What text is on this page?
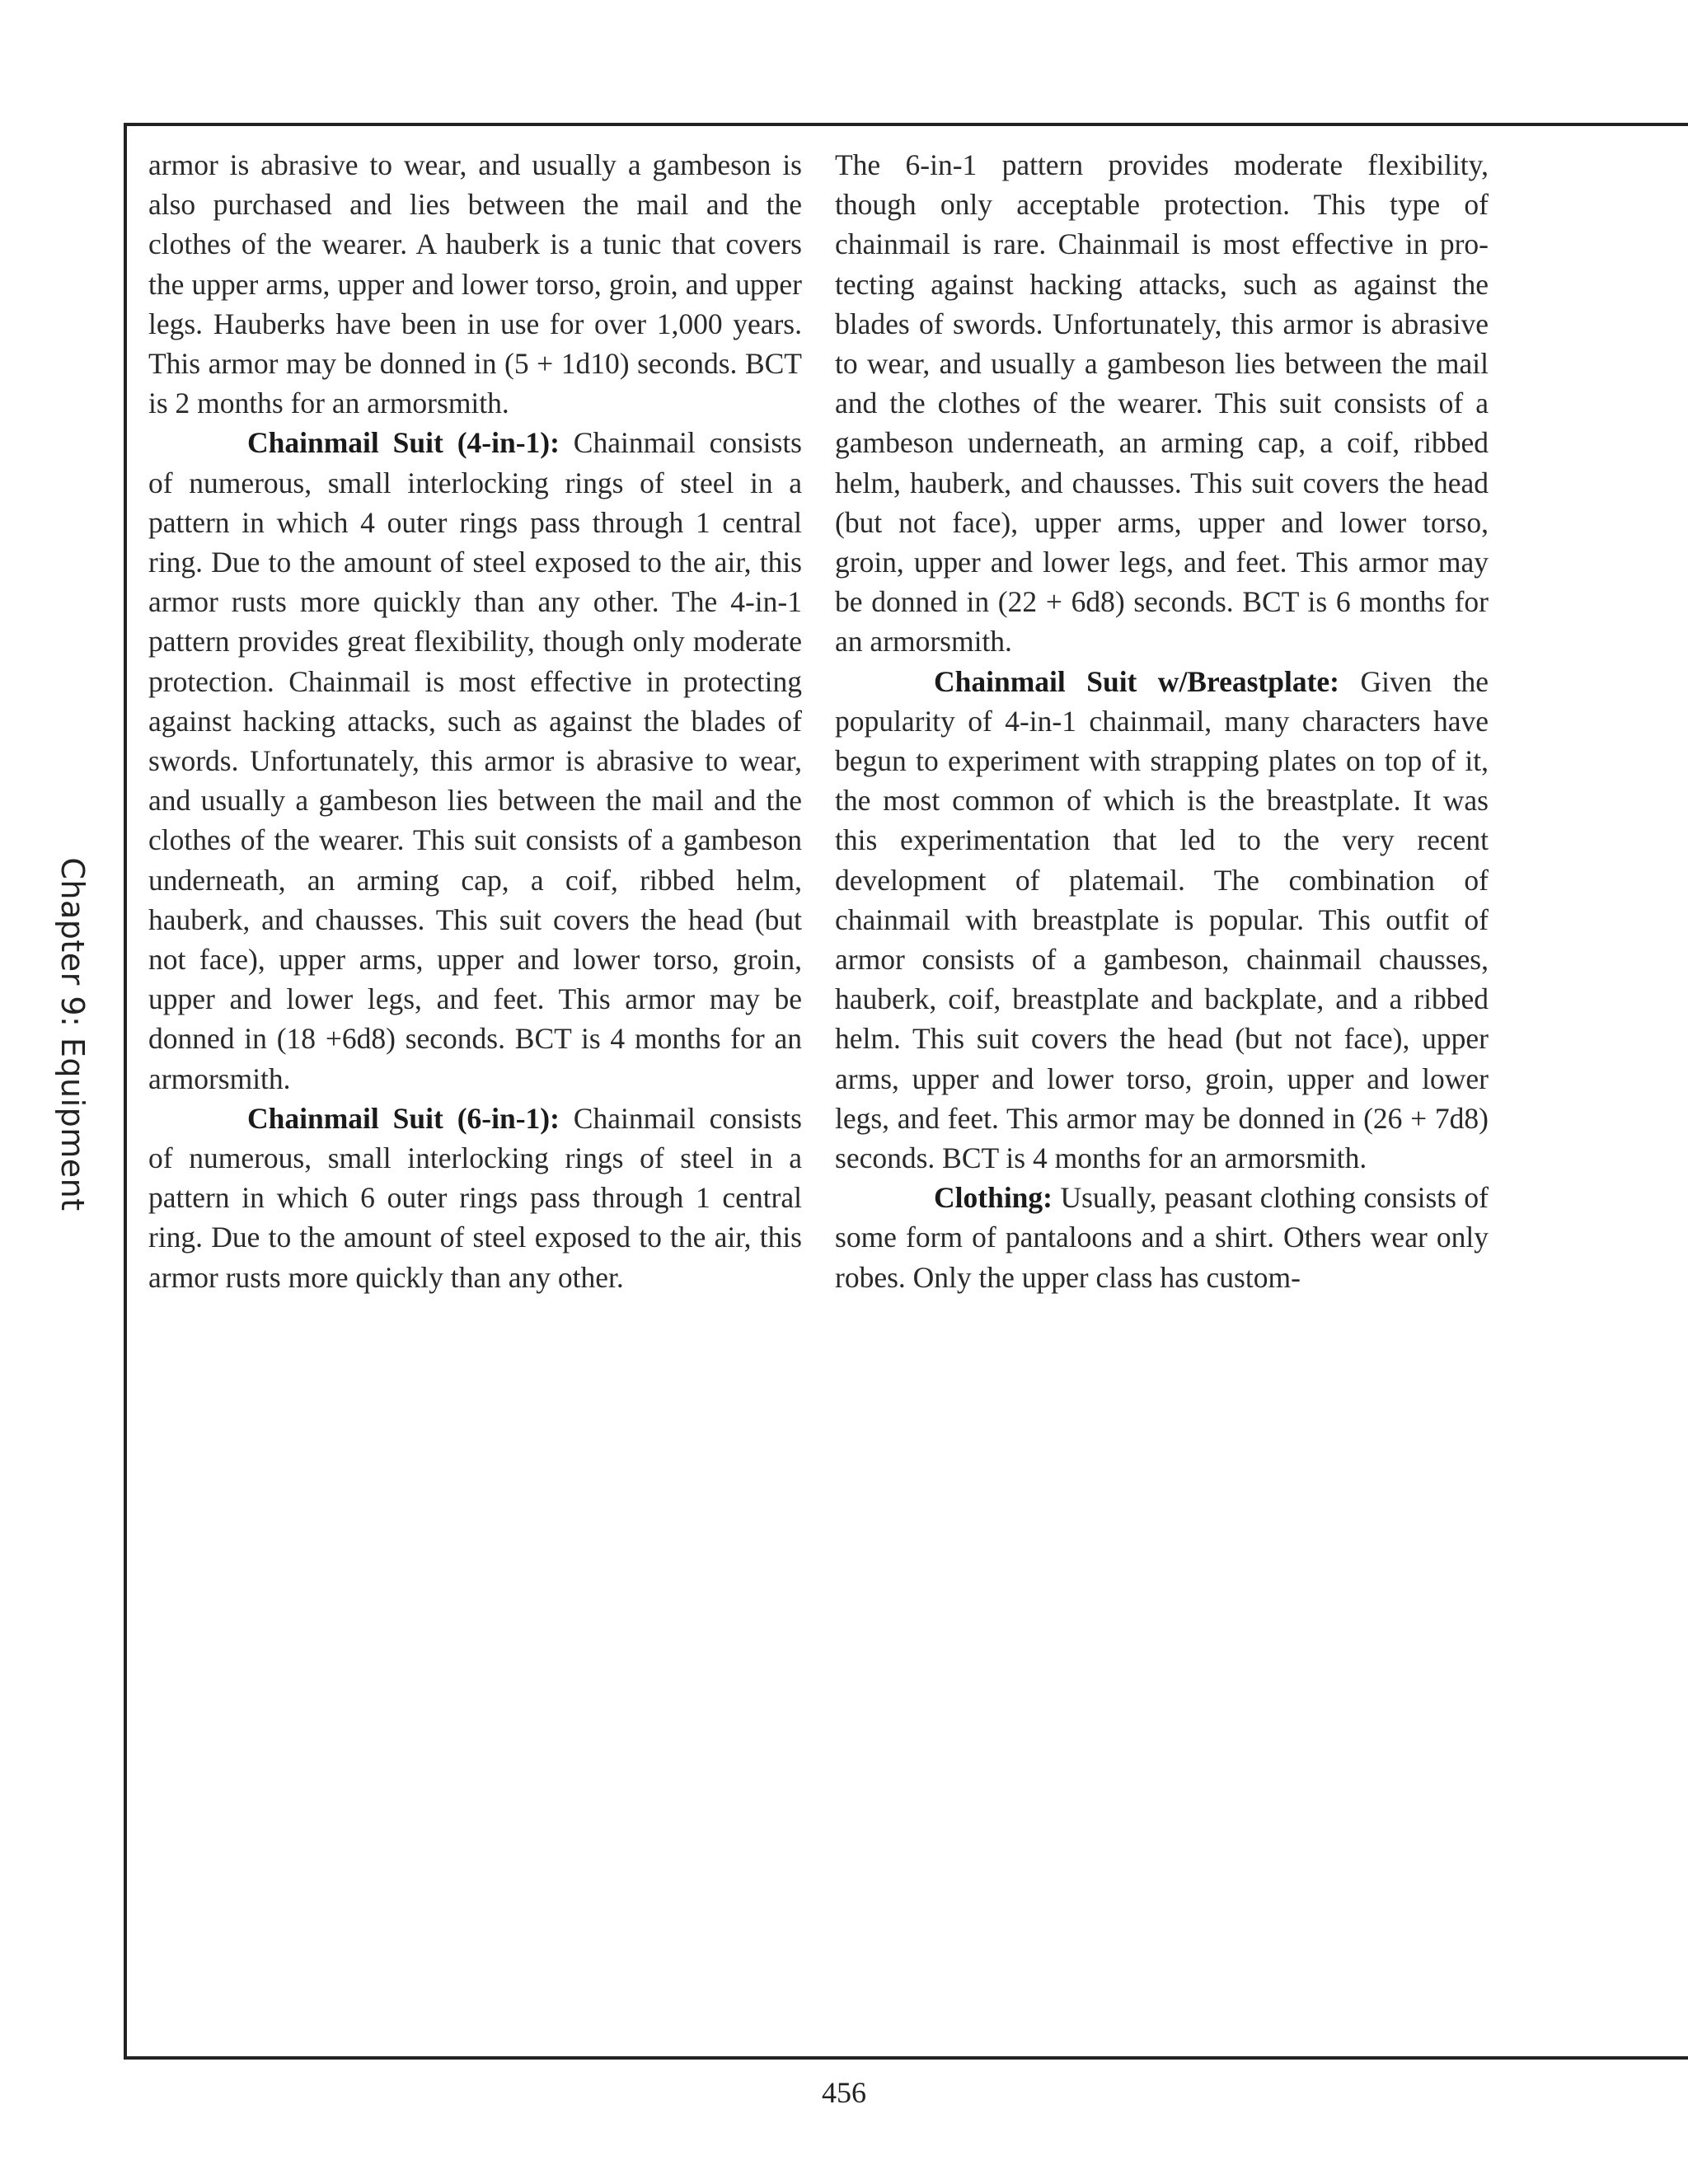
Chapter 9: Equipment

armor is abrasive to wear, and usually a gambeson is also purchased and lies between the mail and the clothes of the wearer. A hauberk is a tunic that covers the upper arms, upper and lower torso, groin, and upper legs. Hauberks have been in use for over 1,000 years. This armor may be donned in (5 + 1d10) seconds. BCT is 2 months for an armorsmith.

Chainmail Suit (4-in-1): Chainmail consists of numerous, small interlocking rings of steel in a pattern in which 4 outer rings pass through 1 central ring. Due to the amount of steel exposed to the air, this armor rusts more quickly than any other. The 4-in-1 pattern provides great flexibility, though only moderate protection. Chainmail is most effective in protecting against hacking attacks, such as against the blades of swords. Unfortunately, this armor is abrasive to wear, and usually a gambeson lies between the mail and the clothes of the wearer. This suit consists of a gambeson underneath, an arming cap, a coif, ribbed helm, hauberk, and chausses. This suit covers the head (but not face), upper arms, upper and lower torso, groin, upper and lower legs, and feet. This armor may be donned in (18 +6d8) seconds. BCT is 4 months for an armorsmith.

Chainmail Suit (6-in-1): Chainmail consists of numerous, small interlocking rings of steel in a pattern in which 6 outer rings pass through 1 central ring. Due to the amount of steel exposed to the air, this armor rusts more quickly than any other.

The 6-in-1 pattern provides moderate flexibility, though only acceptable protection. This type of chainmail is rare. Chainmail is most effective in protecting against hacking attacks, such as against the blades of swords. Unfortunately, this armor is abrasive to wear, and usually a gambeson lies between the mail and the clothes of the wearer. This suit consists of a gambeson underneath, an arming cap, a coif, ribbed helm, hauberk, and chausses. This suit covers the head (but not face), upper arms, upper and lower torso, groin, upper and lower legs, and feet. This armor may be donned in (22 + 6d8) seconds. BCT is 6 months for an armorsmith.

Chainmail Suit w/Breastplate: Given the popularity of 4-in-1 chainmail, many characters have begun to experiment with strapping plates on top of it, the most common of which is the breastplate. It was this experimentation that led to the very recent development of platemail. The combination of chainmail with breastplate is popular. This outfit of armor consists of a gambeson, chainmail chausses, hauberk, coif, breastplate and backplate, and a ribbed helm. This suit covers the head (but not face), upper arms, upper and lower torso, groin, upper and lower legs, and feet. This armor may be donned in (26 + 7d8) seconds. BCT is 4 months for an armorsmith.

Clothing: Usually, peasant clothing consists of some form of pantaloons and a shirt. Others wear only robes. Only the upper class has custom-

456
